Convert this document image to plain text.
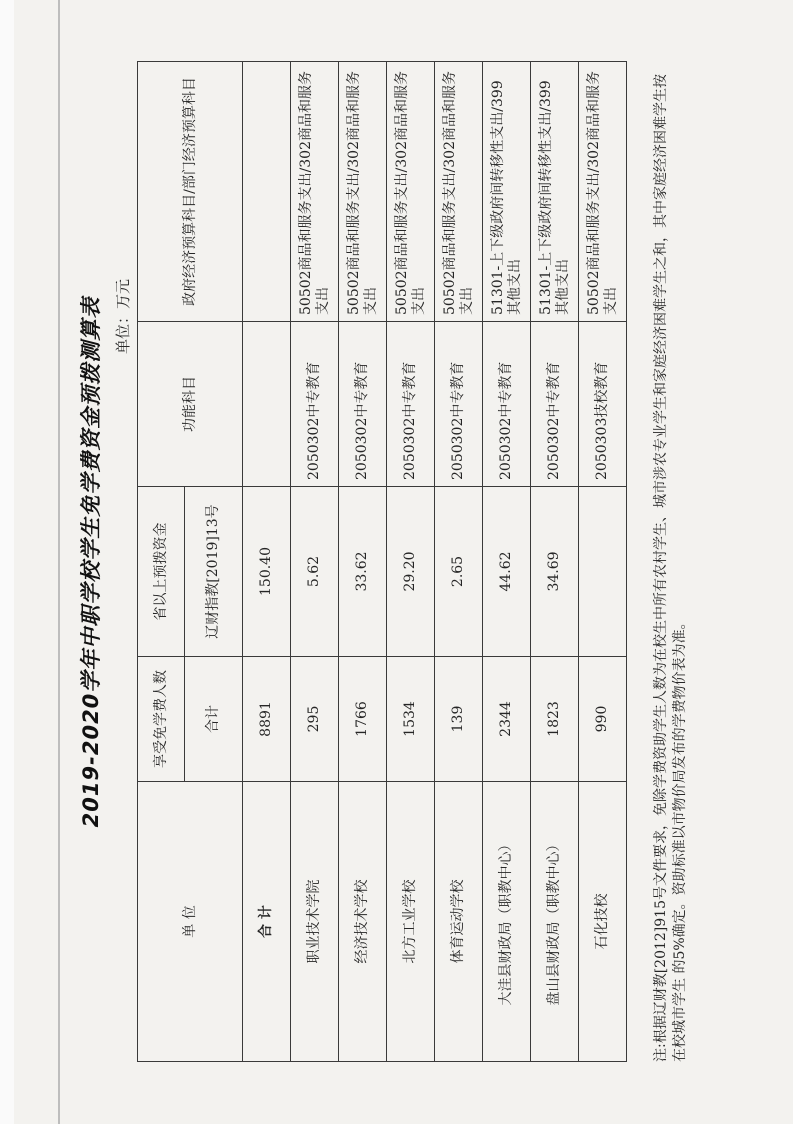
2019-2020学年中职学校学生免学费资金预拨测算表 单位：万元
单 位	享受免学费人数	省以上预拨资金	功能科目	政府经济预算科目/部门经济预算科目
	合计	辽财指教[2019]13号		
合 计	8891	150.40		
职业技术学院	295	5.62	2050302中专教育	50502商品和服务支出/302商品和服务支出
经济技术学校	1766	33.62	2050302中专教育	50502商品和服务支出/302商品和服务支出
北方工业学校	1534	29.20	2050302中专教育	50502商品和服务支出/302商品和服务支出
体育运动学校	139	2.65	2050302中专教育	50502商品和服务支出/302商品和服务支出
大洼县财政局（职教中心）	2344	44.62	2050302中专教育	51301-上下级政府间转移性支出/399其他支出
盘山县财政局（职教中心）	1823	34.69	2050302中专教育	51301-上下级政府间转移性支出/399其他支出
石化技校	990		2050303技校教育	50502商品和服务支出/302商品和服务支出 注:根据辽财教[2012]915号文件要求，免除学费资助学生人数为在校生中所有农村学生、城市涉农专业学生和家庭经济困难学生之和，其中家庭经济困难学生按在校城市学生 的5%确定。资助标准以市物价局发布的学费物价表为准。
